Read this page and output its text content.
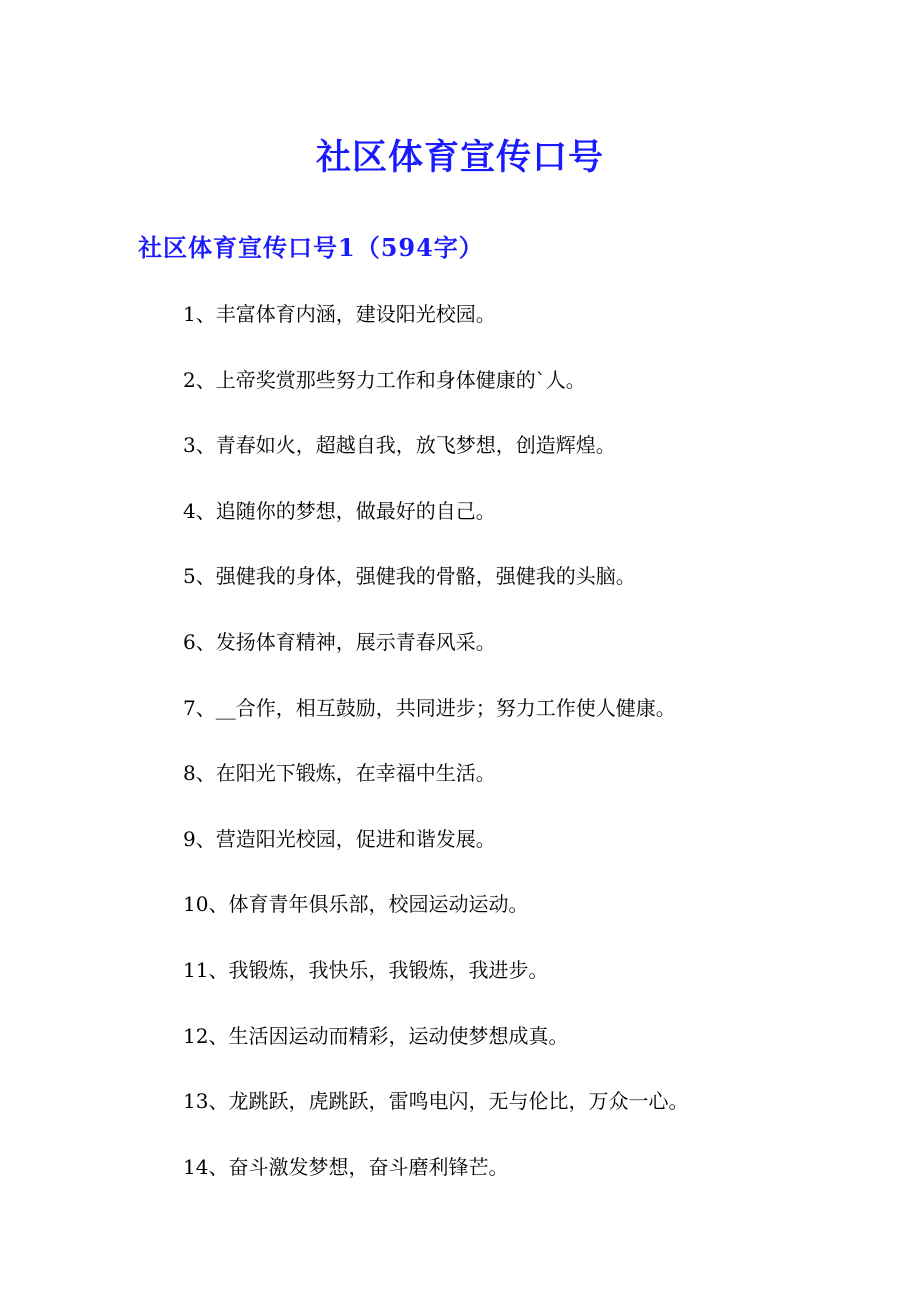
社区体育宣传口号
社区体育宣传口号1（594字）
1、丰富体育内涵，建设阳光校园。
2、上帝奖赏那些努力工作和身体健康的`人。
3、青春如火，超越自我，放飞梦想，创造辉煌。
4、追随你的梦想，做最好的自己。
5、强健我的身体，强健我的骨骼，强健我的头脑。
6、发扬体育精神，展示青春风采。
7、__合作，相互鼓励，共同进步；努力工作使人健康。
8、在阳光下锻炼，在幸福中生活。
9、营造阳光校园，促进和谐发展。
10、体育青年俱乐部，校园运动运动。
11、我锻炼，我快乐，我锻炼，我进步。
12、生活因运动而精彩，运动使梦想成真。
13、龙跳跃，虎跳跃，雷鸣电闪，无与伦比，万众一心。
14、奋斗激发梦想，奋斗磨利锋芒。
